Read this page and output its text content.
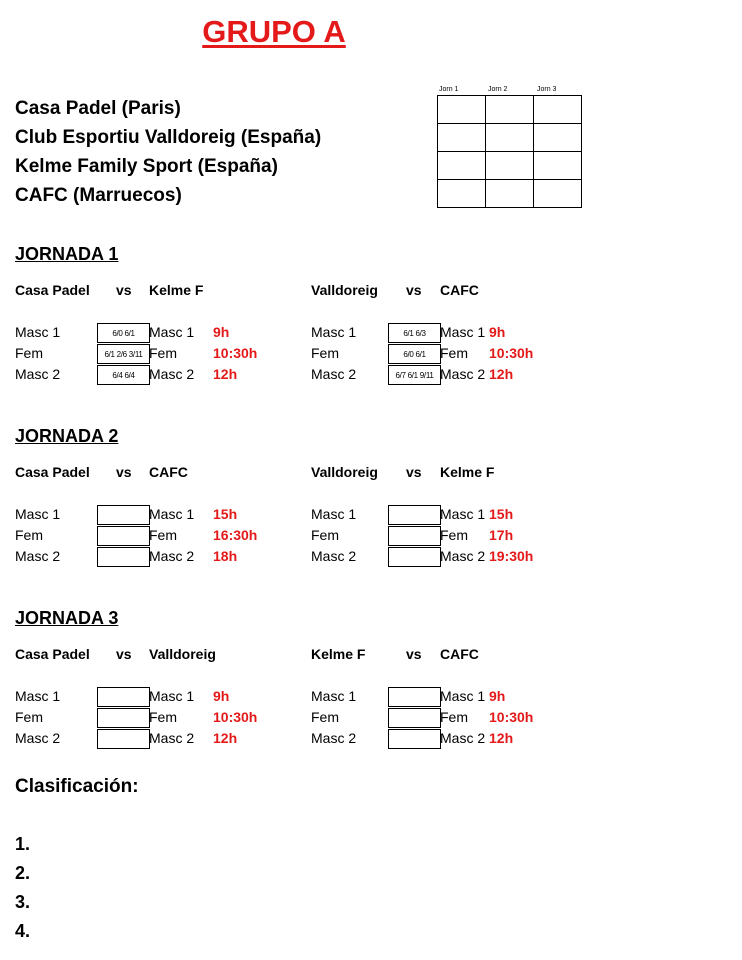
GRUPO A
Casa Padel (Paris)
Club Esportiu Valldoreig (España)
Kelme Family Sport (España)
CAFC (Marruecos)
Jorn 1	Jorn 2	Jorn 3

JORNADA 1
Casa Padel vs Kelme F
Masc 1	6/0 6/1	Masc 1 9h
Fem	6/1 2/6 3/11 Fem	10:30h
Masc 2	6/4 6/4	Masc 2 12h
Valldoreig vs CAFC
Masc 1	6/1 6/3	Masc 1 9h
Fem	6/0 6/1	Fem 10:30h
Masc 2	6/7 6/1 9/11 Masc 2 12h
JORNADA 2
Casa Padel vs CAFC
Masc 1	Masc 1 15h
Fem	Fem	16:30h
Masc 2	Masc 2 18h
Valldoreig vs Kelme F
Masc 1	Masc 1 15h
Fem	Fem 17h
Masc 2	Masc 2 19:30h
JORNADA 3
Casa Padel vs Valldoreig
Masc 1	Masc 1 9h
Fem	Fem	10:30h
Masc 2	Masc 2 12h
Kelme F	vs CAFC
Masc 1	Masc 1 9h
Fem	Fem 10:30h
Masc 2	Masc 2 12h
Clasificación:
1.
2.
3.
4.
